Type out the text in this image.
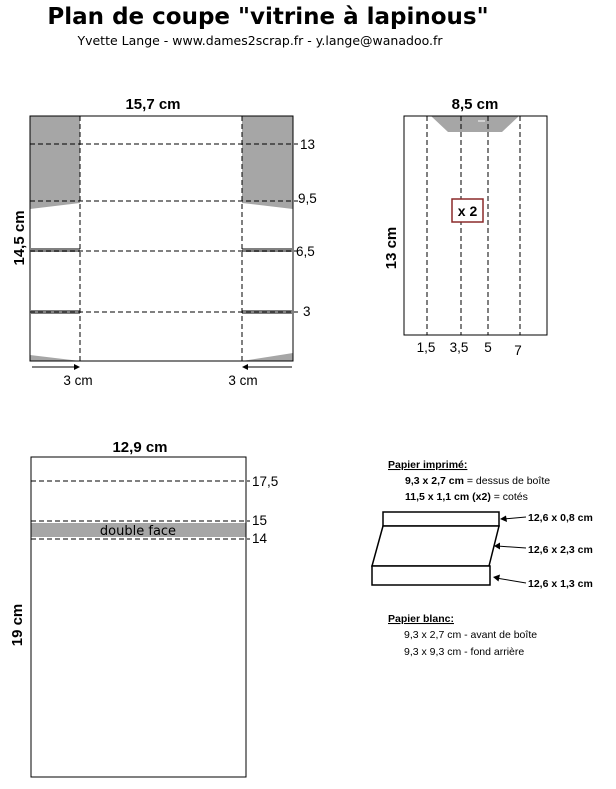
Plan de coupe "vitrine à lapinous"
Yvette Lange - www.dames2scrap.fr - y.lange@wanadoo.fr
15,7 cm
14,5 cm
13
9,5
6,5
3
3 cm	3 cm
8,5 cm
13 cm
x 2
1,5 3,5 5 7
12,9 cm
19 cm
double face
17,5
15
14
Papier imprimé:
9,3 x 2,7 cm = dessus de boîte
11,5 x 1,1 cm (x2) = cotés
12,6 x 0,8 cm
12,6 x 2,3 cm
12,6 x 1,3 cm
Papier blanc:
9,3 x 2,7 cm - avant de boîte
9,3 x 9,3 cm - fond arrière
